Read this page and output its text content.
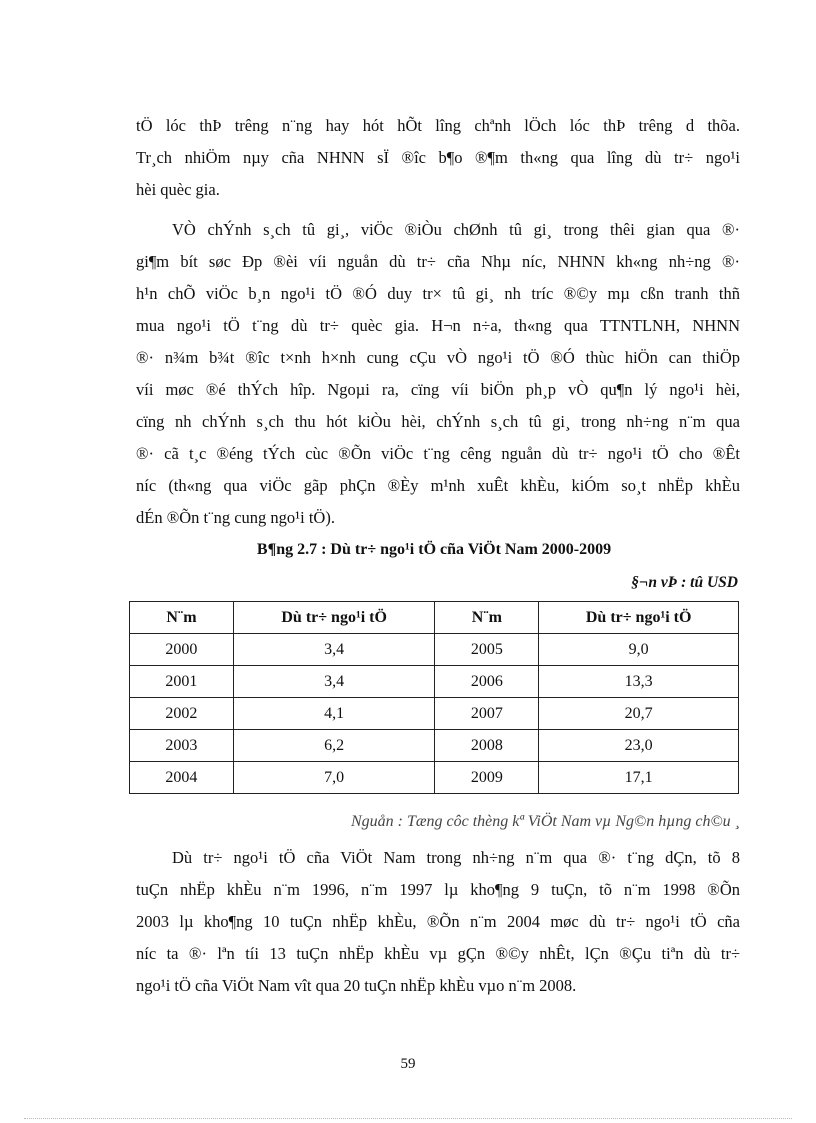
tÖ lóc thÞ trêng n¨ng hay hót hÕt lîng chªnh lÖch lóc thÞ trêng d thõa.
Tr¸ch nhiÖm nµy cña NHNN sÏ ®îc b¶o ®¶m th«ng qua lîng dù tr÷ ngo¹i
hèi quèc gia.
VÒ chÝnh s¸ch tû gi¸, viÖc ®iÒu chØnh tû gi¸ trong thêi gian qua ®·
gi¶m bít søc Ðp ®èi víi nguån dù tr÷ cña Nhµ níc, NHNN kh«ng nh÷ng ®·
h¹n chÕ viÖc b¸n ngo¹i tÖ ®Ó duy tr× tû gi¸ nh tríc ®©y mµ cßn tranh thñ
mua ngo¹i tÖ t¨ng dù tr÷ quèc gia. H¬n n÷a, th«ng qua TTNTLNH, NHNN
®· n¾m b¾t ®îc t×nh h×nh cung cÇu vÒ ngo¹i tÖ ®Ó thùc hiÖn can thiÖp
víi møc ®é thÝch hîp. Ngoµi ra, cïng víi biÖn ph¸p vÒ qu¶n lý ngo¹i hèi,
cïng nh chÝnh s¸ch thu hót kiÒu hèi, chÝnh s¸ch tû gi¸ trong nh÷ng n¨m qua
®· cã t¸c ®éng tÝch cùc ®Õn viÖc t¨ng cêng nguån dù tr÷ ngo¹i tÖ cho ®Êt
níc (th«ng qua viÖc gãp phÇn ®Èy m¹nh xuÊt khÈu, kiÓm so¸t nhËp khÈu
dÉn ®Õn t¨ng cung ngo¹i tÖ).
B¶ng 2.7 : Dù tr÷ ngo¹i tÖ cña ViÖt Nam 2000-2009
§¬n vÞ : tû USD
N¨m	Dù tr÷ ngo¹i tÖ	N¨m	Dù tr÷ ngo¹i tÖ
2000	3,4	2005	9,0
2001	3,4	2006	13,3
2002	4,1	2007	20,7
2003	6,2	2008	23,0
2004	7,0	2009	17,1
Nguån : Tæng côc thèng kª ViÖt Nam vµ Ng©n hµng ch©u ¸
Dù tr÷ ngo¹i tÖ cña ViÖt Nam trong nh÷ng n¨m qua ®· t¨ng dÇn, tõ 8
tuÇn nhËp khÈu n¨m 1996, n¨m 1997 lµ kho¶ng 9 tuÇn, tõ n¨m 1998 ®Õn
2003 lµ kho¶ng 10 tuÇn nhËp khÈu, ®Õn n¨m 2004 møc dù tr÷ ngo¹i tÖ cña
níc ta ®· lªn tíi 13 tuÇn nhËp khÈu vµ gÇn ®©y nhÊt, lÇn ®Çu tiªn dù tr÷
ngo¹i tÖ cña ViÖt Nam vît qua 20 tuÇn nhËp khÈu vµo n¨m 2008.
59
